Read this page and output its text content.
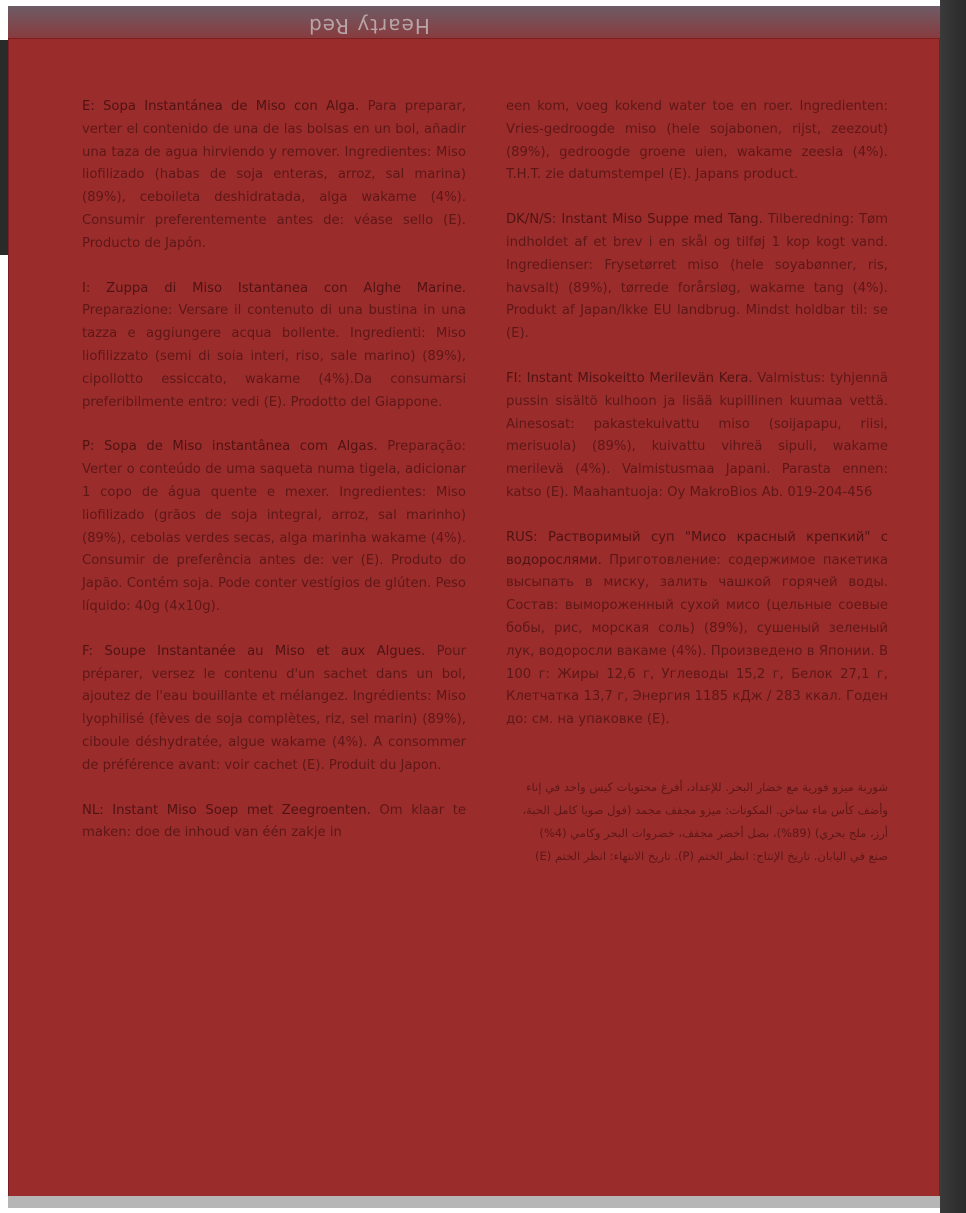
Hearty Red

E: Sopa Instantánea de Miso con Alga. Para preparar, verter el contenido de una de las bolsas en un bol, añadir una taza de agua hirviendo y remover. Ingredientes: Miso liofilizado (habas de soja enteras, arroz, sal marina) (89%), ceboileta deshidratada, alga wakame (4%). Consumir preferentemente antes de: véase sello (E). Producto de Japón.

I: Zuppa di Miso Istantanea con Alghe Marine. Preparazione: Versare il contenuto di una bustina in una tazza e aggiungere acqua bollente. Ingredienti: Miso liofilizzato (semi di soia interi, riso, sale marino) (89%), cipollotto essiccato, wakame (4%).Da consumarsi preferibilmente entro: vedi (E). Prodotto del Giappone.

P: Sopa de Miso instantânea com Algas. Preparação: Verter o conteúdo de uma saqueta numa tigela, adicionar 1 copo de água quente e mexer. Ingredientes: Miso liofilizado (grãos de soja integral, arroz, sal marinho) (89%), cebolas verdes secas, alga marinha wakame (4%). Consumir de preferência antes de: ver (E). Produto do Japão. Contém soja. Pode conter vestígios de glúten. Peso líquido: 40g (4x10g).

F: Soupe Instantanée au Miso et aux Algues. Pour préparer, versez le contenu d'un sachet dans un bol, ajoutez de l'eau bouillante et mélangez. Ingrédients: Miso lyophilisé (fèves de soja complètes, riz, sel marin) (89%), ciboule déshydratée, algue wakame (4%). A consommer de préférence avant: voir cachet (E). Produit du Japon.

NL: Instant Miso Soep met Zeegroenten. Om klaar te maken: doe de inhoud van één zakje in

een kom, voeg kokend water toe en roer. Ingredienten: Vries-gedroogde miso (hele sojabonen, rijst, zeezout) (89%), gedroogde groene uien, wakame zeesla (4%). T.H.T. zie datumstempel (E). Japans product.

DK/N/S: Instant Miso Suppe med Tang. Tilberedning: Tøm indholdet af et brev i en skål og tilføj 1 kop kogt vand. Ingredienser: Frysetørret miso (hele soyabønner, ris, havsalt) (89%), tørrede forårsløg, wakame tang (4%). Produkt af Japan/Ikke EU landbrug. Mindst holdbar til: se (E).

FI: Instant Misokeitto Merilevän Kera. Valmistus: tyhjennä pussin sisältö kulhoon ja lisää kupillinen kuumaa vettä. Ainesosat: pakastekuivattu miso (soijapapu, riisi, merisuola) (89%), kuivattu vihreä sipuli, wakame merilevä (4%). Valmistusmaa Japani. Parasta ennen: katso (E). Maahantuoja: Oy MakroBios Ab. 019-204-456

RUS: Растворимый суп "Мисо красный крепкий" с водорослями. Приготовление: содержимое пакетика высыпать в миску, залить чашкой горячей воды. Состав: вымороженный сухой мисо (цельные соевые бобы, рис, морская соль) (89%), сушеный зеленый лук, водоросли вакаме (4%). Произведено в Японии. В 100 г: Жиры 12,6 г, Углеводы 15,2 г, Белок 27,1 г, Клетчатка 13,7 г, Энергия 1185 кДж / 283 ккал. Годен до: см. на упаковке (E).

شوربة ميزو فورية مع خضار البحر. للإعداد، أفرغ محتويات كيس واحد في إناء
وأضف كأس ماء ساخن. المكونات: ميزو مجفف مجمد (فول صويا كامل الحبة،
أرز، ملح بحري) (89%)، بصل أخضر مجفف، خضروات البحر وكامي (4%)
صنع في اليابان. تاريخ الإنتاج: انظر الختم (P). تاريخ الانتهاء: انظر الختم (E)
